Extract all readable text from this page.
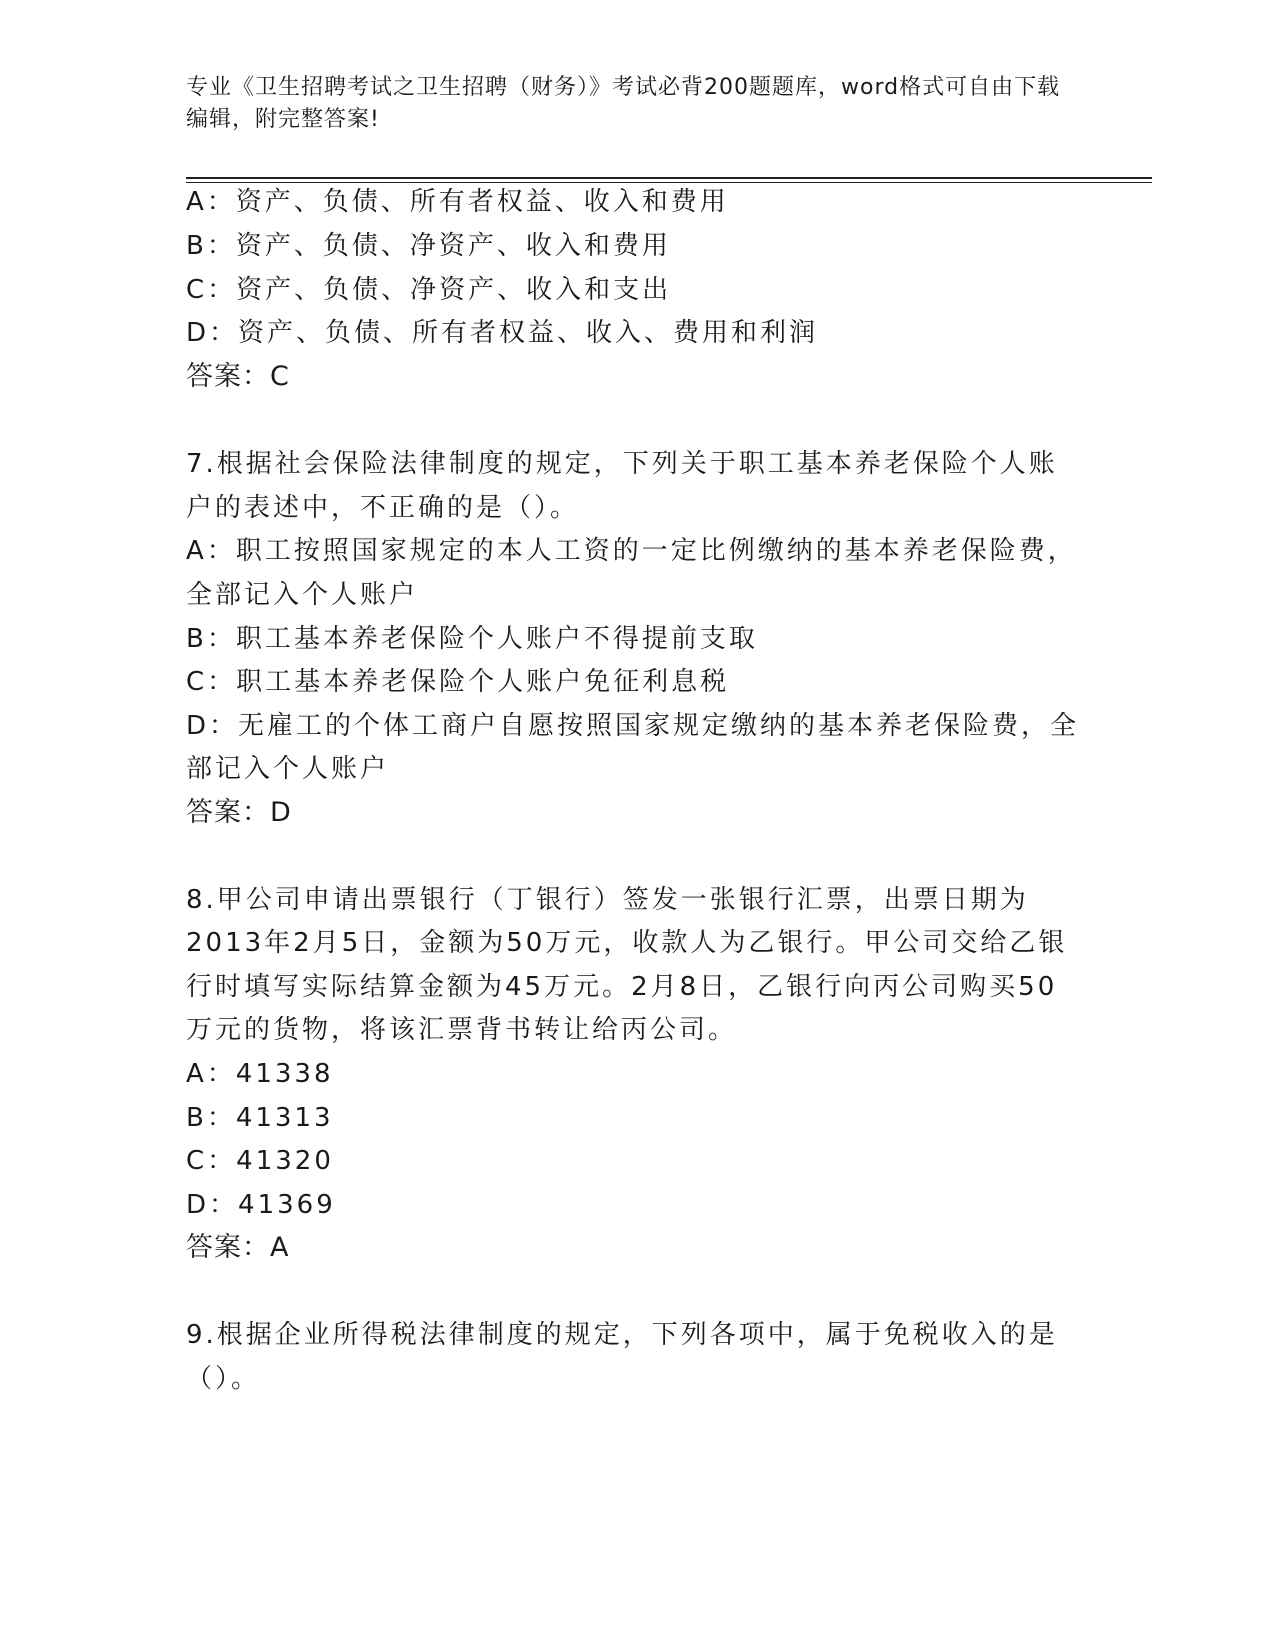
专业《卫生招聘考试之卫生招聘（财务）》考试必背200题题库，word格式可自由下载编辑，附完整答案!

A：资产、负债、所有者权益、收入和费用

B：资产、负债、净资产、收入和费用

C：资产、负债、净资产、收入和支出

D：资产、负债、所有者权益、收入、费用和利润

答案：C

7.根据社会保险法律制度的规定，下列关于职工基本养老保险个人账

户的表述中，不正确的是（）。

A：职工按照国家规定的本人工资的一定比例缴纳的基本养老保险费，

全部记入个人账户

B：职工基本养老保险个人账户不得提前支取

C：职工基本养老保险个人账户免征利息税

D：无雇工的个体工商户自愿按照国家规定缴纳的基本养老保险费，全

部记入个人账户

答案：D

8.甲公司申请出票银行（丁银行）签发一张银行汇票，出票日期为

2013年2月5日，金额为50万元，收款人为乙银行。甲公司交给乙银

行时填写实际结算金额为45万元。2月8日，乙银行向丙公司购买50

万元的货物，将该汇票背书转让给丙公司。

A：41338

B：41313

C：41320

D：41369

答案：A

9.根据企业所得税法律制度的规定，下列各项中，属于免税收入的是

（）。
